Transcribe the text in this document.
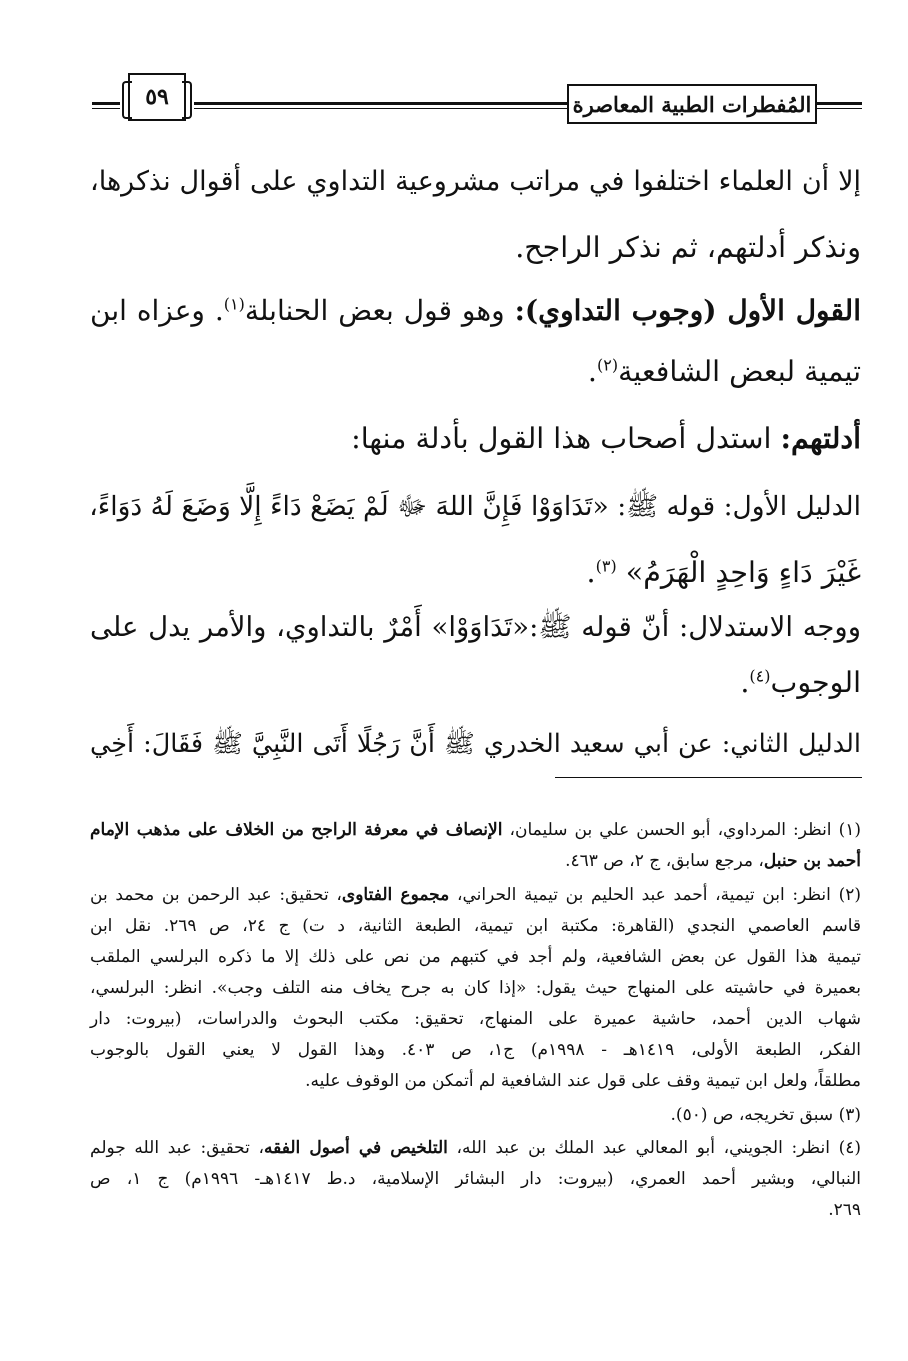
٥٩	المُفطرات الطبية المعاصرة
إلا أن العلماء اختلفوا في مراتب مشروعية التداوي على أقوال نذكرها،
ونذكر أدلتهم، ثم نذكر الراجح.
القول الأول (وجوب التداوي): وهو قول بعض الحنابلة$^{(١)}$. وعزاه ابن
تيمية لبعض الشافعية$^{(٢)}$.
أدلتهم: استدل أصحاب هذا القول بأدلة منها:
الدليل الأول: قوله ﷺ: «تَدَاوَوْا فَإِنَّ اللهَ ﷻ لَمْ يَضَعْ دَاءً إِلَّا وَضَعَ لَهُ دَوَاءً،
غَيْرَ دَاءٍ وَاحِدٍ الْهَرَمُ» $^{(٣)}$.
ووجه الاستدلال: أنّ قوله ﷺ:«تَدَاوَوْا» أَمْرٌ بالتداوي، والأمر يدل على
الوجوب$^{(٤)}$.
الدليل الثاني: عن أبي سعيد الخدري ﷺ أَنَّ رَجُلًا أَتَى النَّبِيَّ ﷺ فَقَالَ: أَخِي
(١) انظر: المرداوي، أبو الحسن علي بن سليمان، الإنصاف في معرفة الراجح من الخلاف على مذهب الإمام
أحمد بن حنبل، مرجع سابق، ج ٢، ص ٤٦٣.
(٢) انظر: ابن تيمية، أحمد عبد الحليم بن تيمية الحراني، مجموع الفتاوى، تحقيق: عبد الرحمن بن محمد بن
قاسم العاصمي النجدي (القاهرة: مكتبة ابن تيمية، الطبعة الثانية، د ت) ج ٢٤، ص ٢٦٩. نقل ابن
تيمية هذا القول عن بعض الشافعية، ولم أجد في كتبهم من نص على ذلك إلا ما ذكره البرلسي الملقب
بعميرة في حاشيته على المنهاج حيث يقول: «إذا كان به جرح يخاف منه التلف وجب». انظر: البرلسي،
شهاب الدين أحمد، حاشية عميرة على المنهاج، تحقيق: مكتب البحوث والدراسات، (بيروت: دار
الفكر، الطبعة الأولى، ١٤١٩هـ - ١٩٩٨م) ج١، ص ٤٠٣. وهذا القول لا يعني القول بالوجوب
مطلقاً، ولعل ابن تيمية وقف على قول عند الشافعية لم أتمكن من الوقوف عليه.
(٣) سبق تخريجه، ص (٥٠).
(٤) انظر: الجويني، أبو المعالي عبد الملك بن عبد الله، التلخيص في أصول الفقه، تحقيق: عبد الله جولم
النبالي، وبشير أحمد العمري، (بيروت: دار البشائر الإسلامية، د.ط ١٤١٧هـ- ١٩٩٦م) ج ١، ص
٢٦٩.
